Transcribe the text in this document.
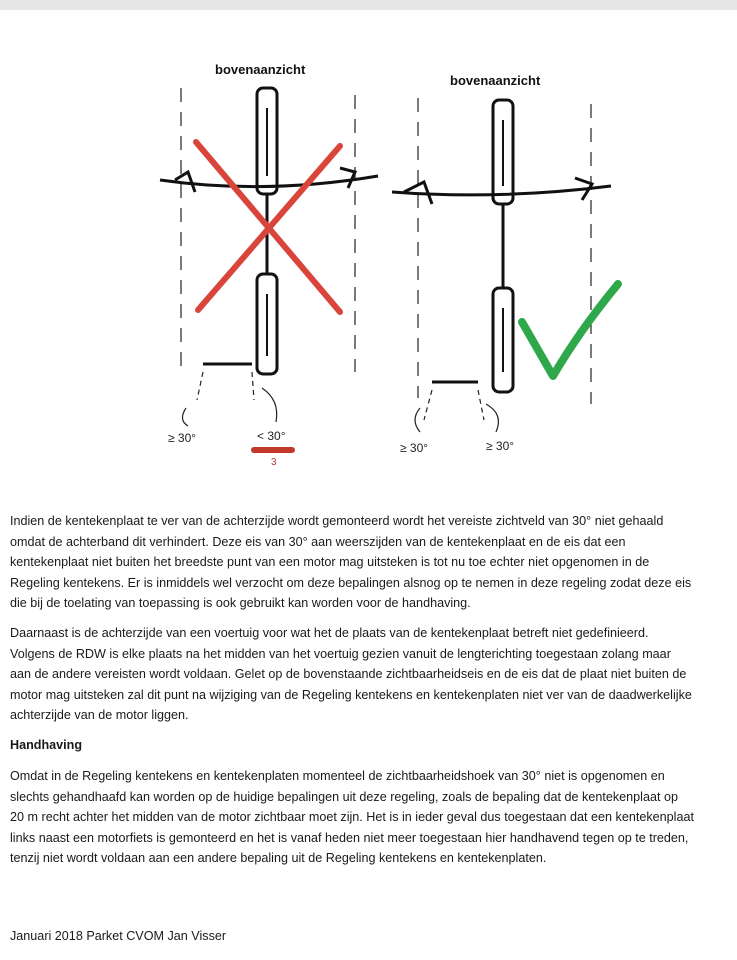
bovenaanzicht
≥ 30°	< 30°
3
bovenaanzicht
≥ 30°	≥ 30°

Indien de kentekenplaat te ver van de achterzijde wordt gemonteerd wordt het vereiste zichtveld van 30° niet gehaald omdat de achterband dit verhindert. Deze eis van 30° aan weerszijden van de kentekenplaat en de eis dat een kentekenplaat niet buiten het breedste punt van een motor mag uitsteken is tot nu toe echter niet opgenomen in de Regeling kentekens. Er is inmiddels wel verzocht om deze bepalingen alsnog op te nemen in deze regeling zodat deze eis die bij de toelating van toepassing is ook gebruikt kan worden voor de handhaving.

Daarnaast is de achterzijde van een voertuig voor wat het de plaats van de kentekenplaat betreft niet gedefinieerd. Volgens de RDW is elke plaats na het midden van het voertuig gezien vanuit de lengterichting toegestaan zolang maar aan de andere vereisten wordt voldaan. Gelet op de bovenstaande zichtbaarheidseis en de eis dat de plaat niet buiten de motor mag uitsteken zal dit punt na wijziging van de Regeling kentekens en kentekenplaten niet ver van de daadwerkelijke achterzijde van de motor liggen.

Handhaving

Omdat in de Regeling kentekens en kentekenplaten momenteel de zichtbaarheidshoek van 30° niet is opgenomen en slechts gehandhaafd kan worden op de huidige bepalingen uit deze regeling, zoals de bepaling dat de kentekenplaat op 20 m recht achter het midden van de motor zichtbaar moet zijn. Het is in ieder geval dus toegestaan dat een kentekenplaat links naast een motorfiets is gemonteerd en het is vanaf heden niet meer toegestaan hier handhavend tegen op te treden, tenzij niet wordt voldaan aan een andere bepaling uit de Regeling kentekens en kentekenplaten.

Januari 2018 Parket CVOM Jan Visser
